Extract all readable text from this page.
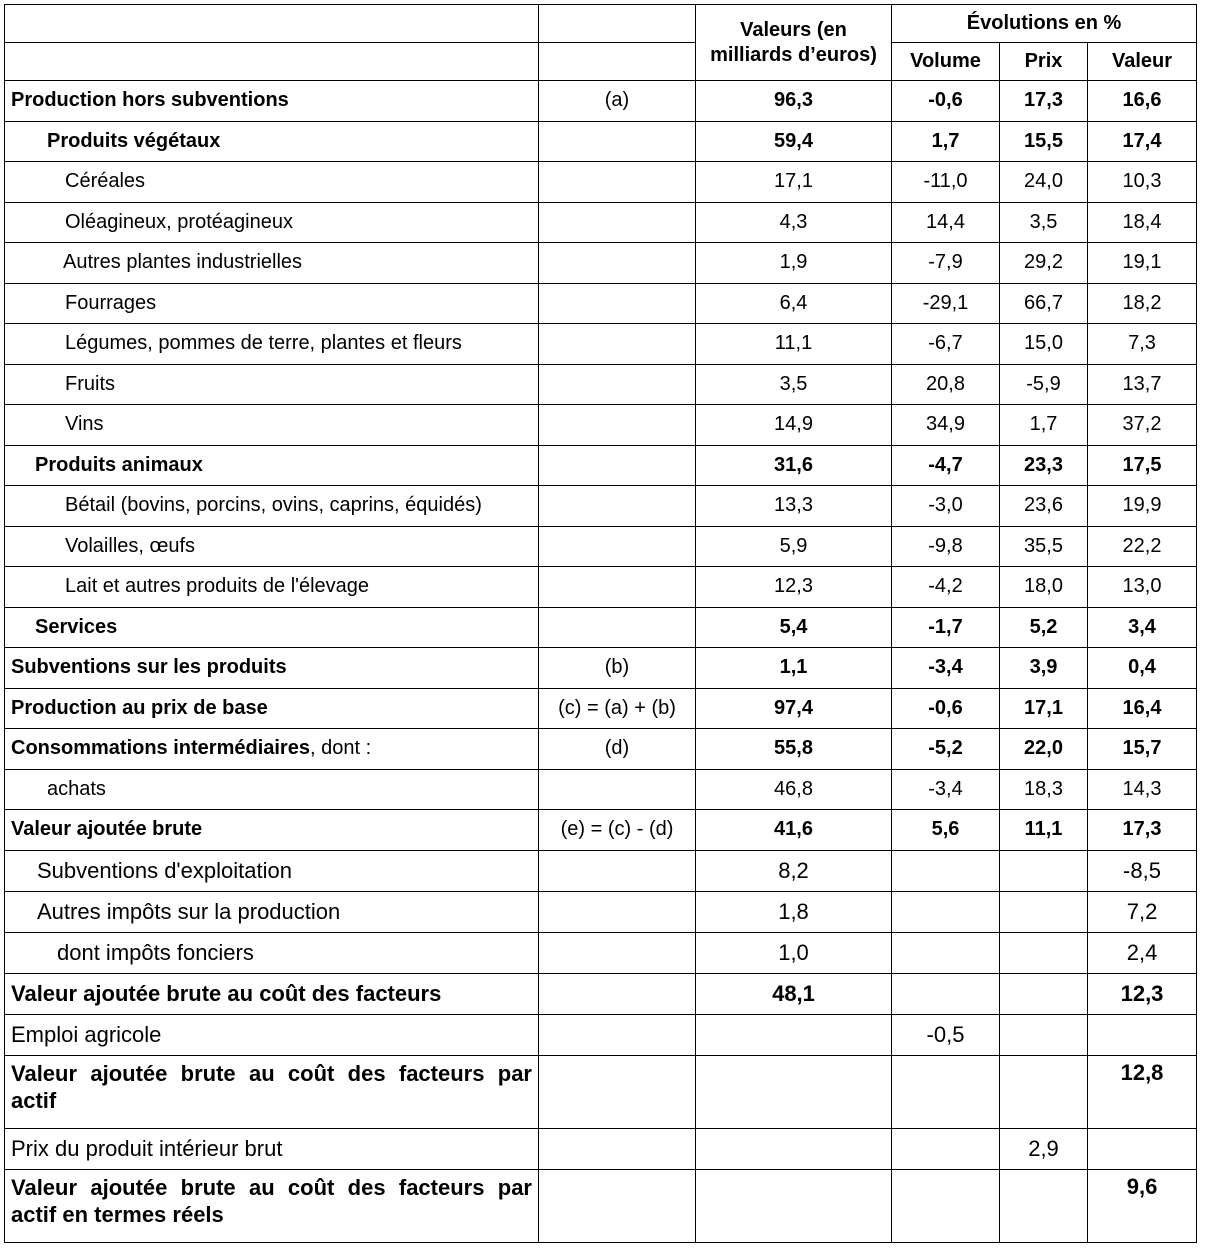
		Valeurs (en milliards d’euros)	Évolutions en %		
			Volume	Prix	Valeur
Production hors subventions	(a)	96,3	-0,6	17,3	16,6
Produits végétaux		59,4	1,7	15,5	17,4
Céréales		17,1	-11,0	24,0	10,3
Oléagineux, protéagineux		4,3	14,4	3,5	18,4
Autres plantes industrielles		1,9	-7,9	29,2	19,1
Fourrages		6,4	-29,1	66,7	18,2
Légumes, pommes de terre, plantes et fleurs		11,1	-6,7	15,0	7,3
Fruits		3,5	20,8	-5,9	13,7
Vins		14,9	34,9	1,7	37,2
Produits animaux		31,6	-4,7	23,3	17,5
Bétail (bovins, porcins, ovins, caprins, équidés)		13,3	-3,0	23,6	19,9
Volailles, œufs		5,9	-9,8	35,5	22,2
Lait et autres produits de l'élevage		12,3	-4,2	18,0	13,0
Services		5,4	-1,7	5,2	3,4
Subventions sur les produits	(b)	1,1	-3,4	3,9	0,4
Production au prix de base	(c) = (a) + (b)	97,4	-0,6	17,1	16,4
Consommations intermédiaires, dont :	(d)	55,8	-5,2	22,0	15,7
achats		46,8	-3,4	18,3	14,3
Valeur ajoutée brute	(e) = (c) - (d)	41,6	5,6	11,1	17,3
Subventions d'exploitation		8,2			-8,5
Autres impôts sur la production		1,8			7,2
dont impôts fonciers		1,0			2,4
Valeur ajoutée brute au coût des facteurs		48,1			12,3
Emploi agricole			-0,5		
Valeur ajoutée brute au coût des facteurs par actif					12,8
Prix du produit intérieur brut				2,9	
Valeur ajoutée brute au coût des facteurs par actif en termes réels					9,6
